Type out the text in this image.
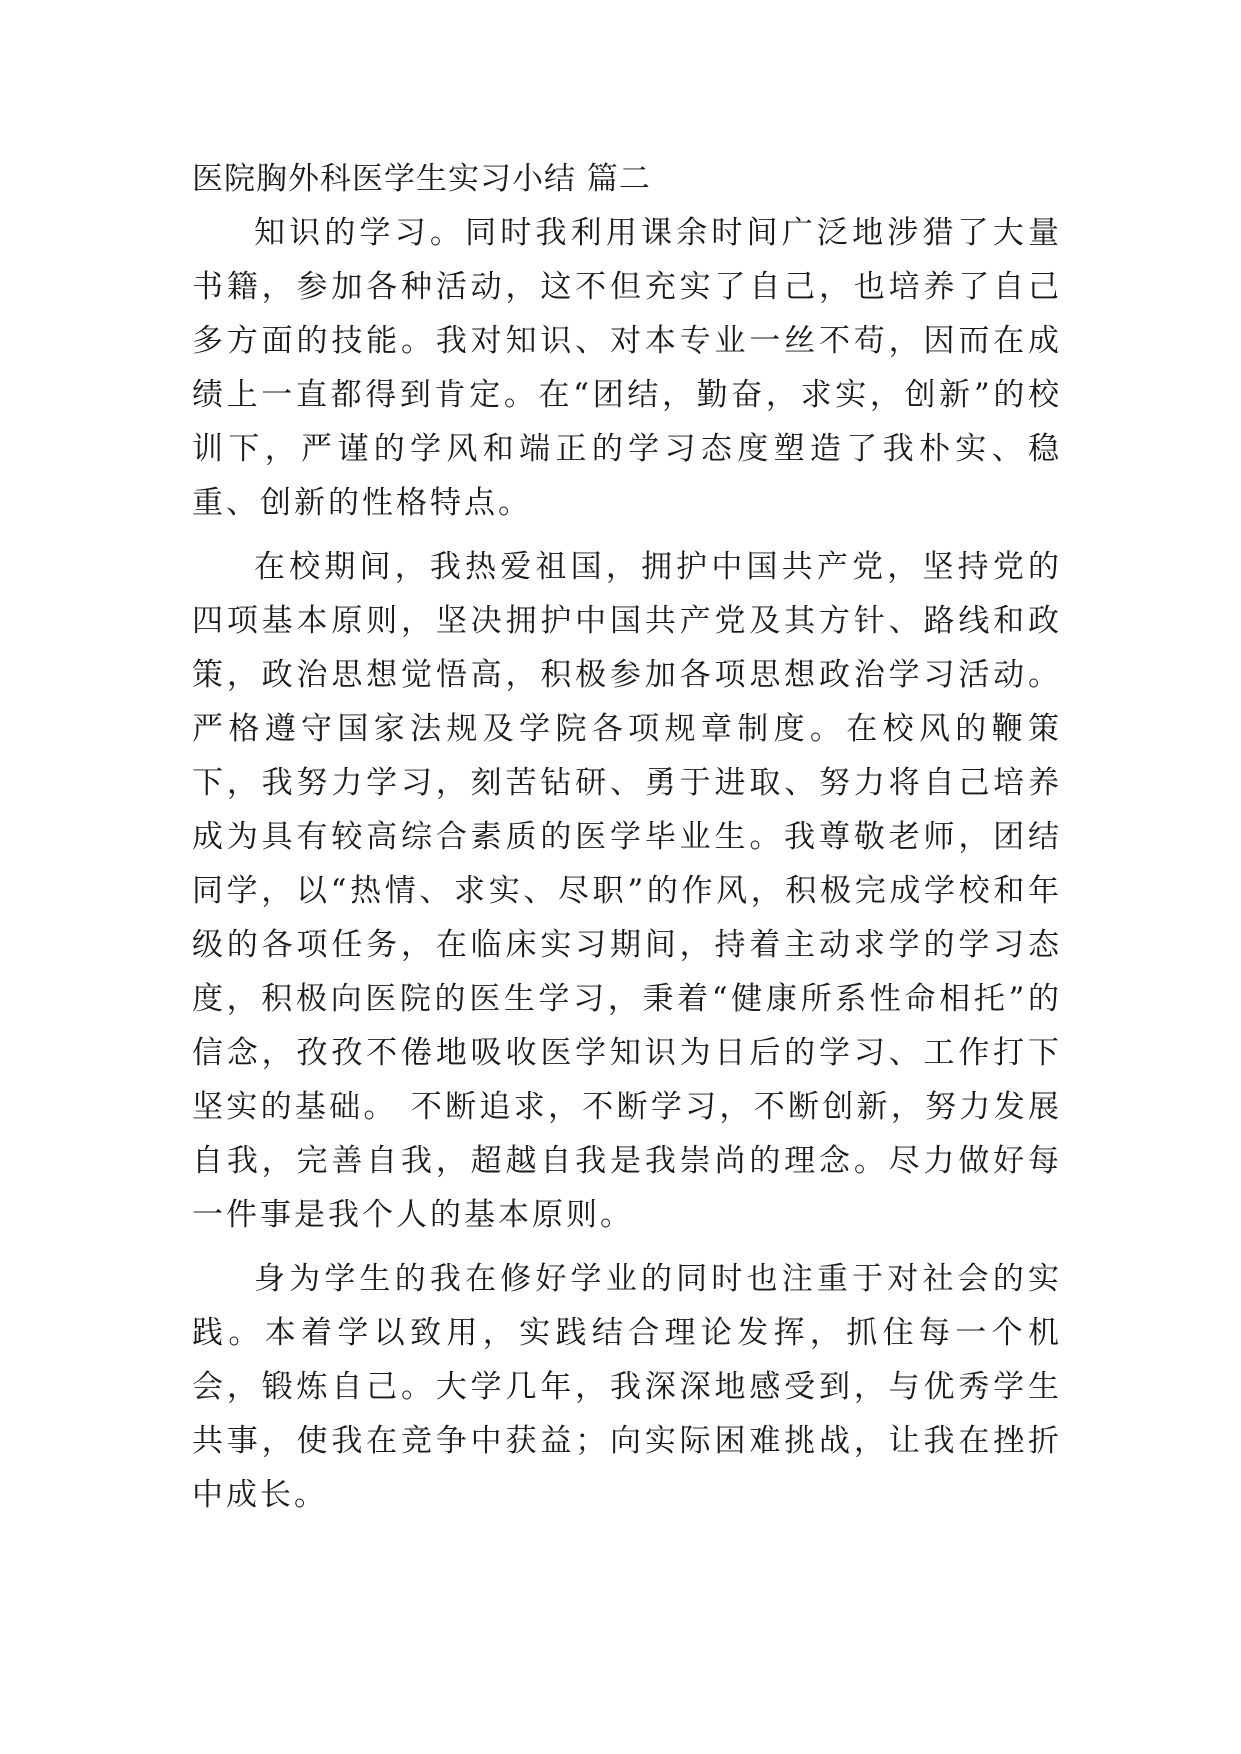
医院胸外科医学生实习小结 篇二

知识的学习。同时我利用课余时间广泛地涉猎了大量书籍，参加各种活动，这不但充实了自己，也培养了自己多方面的技能。我对知识、对本专业一丝不苟，因而在成绩上一直都得到肯定。在“团结，勤奋，求实，创新”的校训下，严谨的学风和端正的学习态度塑造了我朴实、稳重、创新的性格特点。

在校期间，我热爱祖国，拥护中国共产党，坚持党的四项基本原则，坚决拥护中国共产党及其方针、路线和政策，政治思想觉悟高，积极参加各项思想政治学习活动。严格遵守国家法规及学院各项规章制度。在校风的鞭策下，我努力学习，刻苦钻研、勇于进取、努力将自己培养成为具有较高综合素质的医学毕业生。我尊敬老师，团结同学，以“热情、求实、尽职”的作风，积极完成学校和年级的各项任务，在临床实习期间，持着主动求学的学习态度，积极向医院的医生学习，秉着“健康所系性命相托”的信念，孜孜不倦地吸收医学知识为日后的学习、工作打下坚实的基础。 不断追求，不断学习，不断创新，努力发展自我，完善自我，超越自我是我崇尚的理念。尽力做好每一件事是我个人的基本原则。

身为学生的我在修好学业的同时也注重于对社会的实践。本着学以致用，实践结合理论发挥，抓住每一个机会，锻炼自己。大学几年，我深深地感受到，与优秀学生共事，使我在竞争中获益；向实际困难挑战，让我在挫折中成长。
